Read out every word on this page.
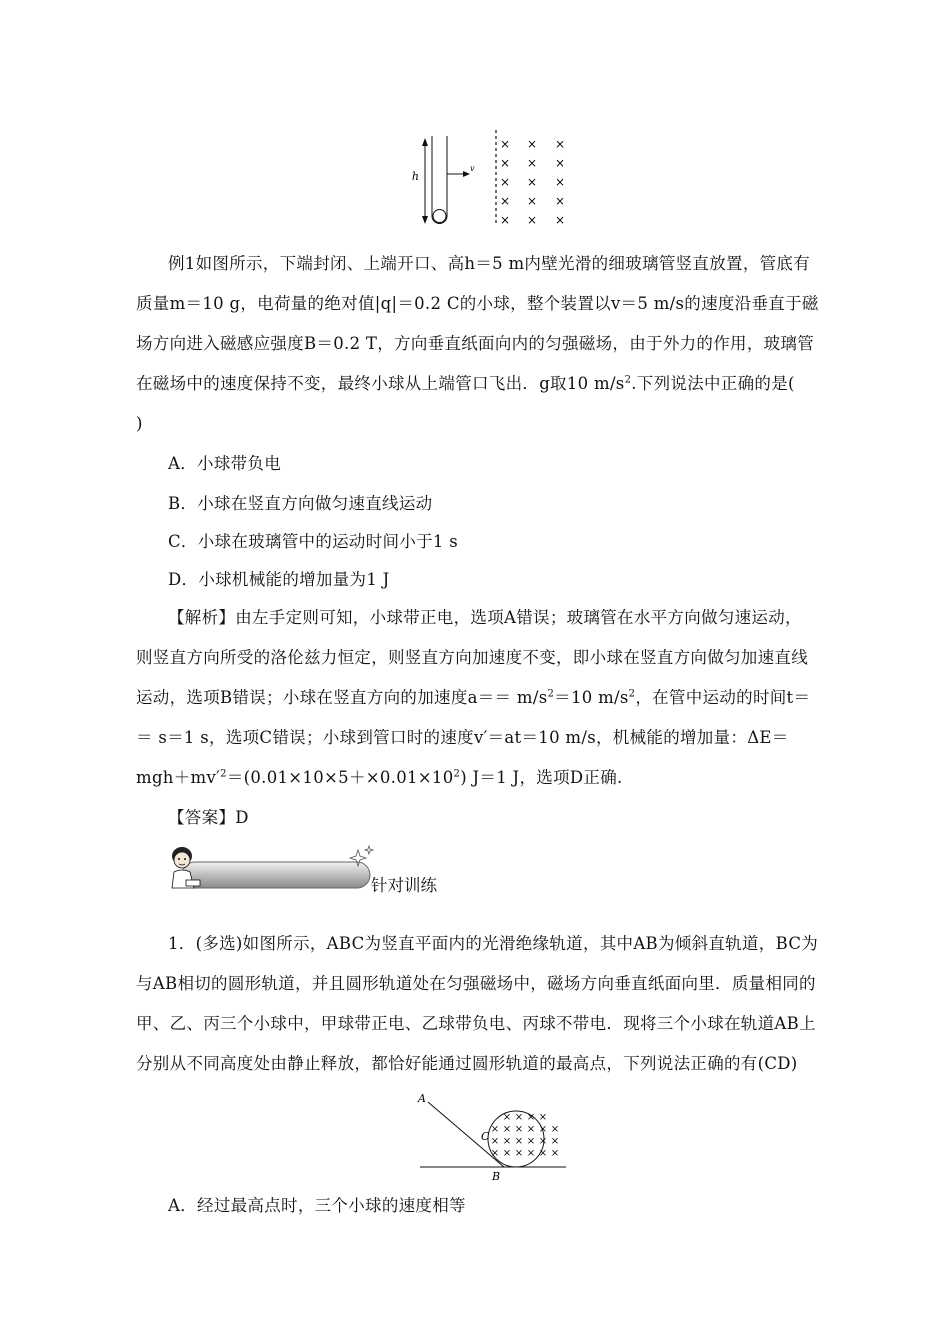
h
v
× × ×
× × ×
× × ×
× × ×
× × ×
例1如图所示，下端封闭、上端开口、高h＝5 m内壁光滑的细玻璃管竖直放置，管底有
质量m＝10 g，电荷量的绝对值|q|＝0.2 C的小球，整个装置以v＝5 m/s的速度沿垂直于磁
场方向进入磁感应强度B＝0.2 T，方向垂直纸面向内的匀强磁场，由于外力的作用，玻璃管
在磁场中的速度保持不变，最终小球从上端管口飞出．g取10 $m/s^2$.下列说法中正确的是(
)
A．小球带负电
B．小球在竖直方向做匀速直线运动
C．小球在玻璃管中的运动时间小于1 s
D．小球机械能的增加量为1 J
【解析】由左手定则可知，小球带正电，选项A错误；玻璃管在水平方向做匀速运动，
则竖直方向所受的洛伦兹力恒定，则竖直方向加速度不变，即小球在竖直方向做匀加速直线
运动，选项B错误；小球在竖直方向的加速度$a== m/s^2=10$ $m/s^2$，在管中运动的时间t＝
＝ s＝1 s，选项C错误；小球到管口时的速度v′＝at＝10 m/s，机械能的增加量：ΔE＝
$mgh+mv'^2=(0.01\times 10\times 5+\times 0.01\times 10^2)$ J＝1 J，选项D正确.
【答案】D
针对训练
1．(多选)如图所示，ABC为竖直平面内的光滑绝缘轨道，其中AB为倾斜直轨道，BC为
与AB相切的圆形轨道，并且圆形轨道处在匀强磁场中，磁场方向垂直纸面向里．质量相同的
甲、乙、丙三个小球中，甲球带正电、乙球带负电、丙球不带电．现将三个小球在轨道AB上
分别从不同高度处由静止释放，都恰好能通过圆形轨道的最高点，下列说法正确的有(CD)
A
B
C
× × ×
× × × × ×
× × × × ×
× × × × × ×
×
×
×
A．经过最高点时，三个小球的速度相等
